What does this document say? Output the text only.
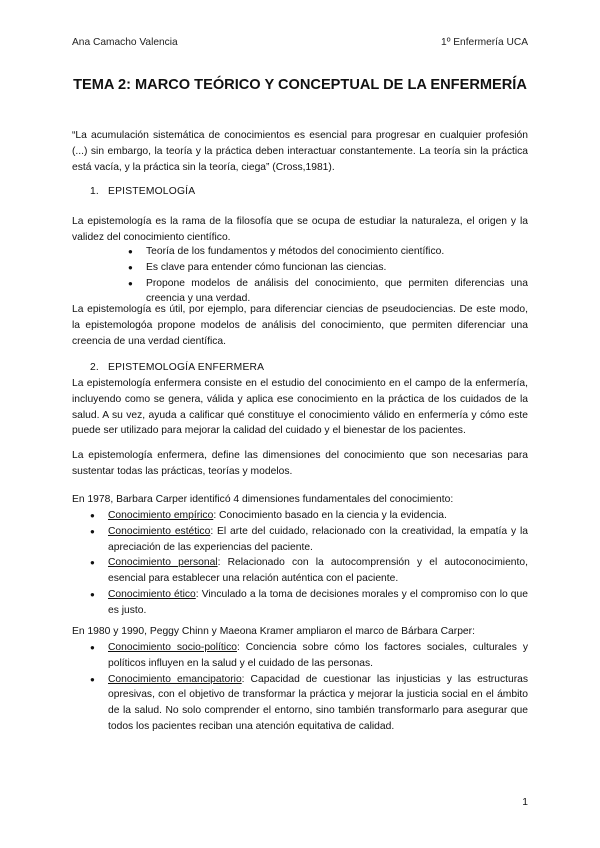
Ana Camacho Valencia	1º Enfermería UCA
TEMA 2: MARCO TEÓRICO Y CONCEPTUAL DE LA ENFERMERÍA

“La acumulación sistemática de conocimientos es esencial para progresar en cualquier profesión (...) sin embargo, la teoría y la práctica deben interactuar constantemente. La teoría sin la práctica está vacía, y la práctica sin la teoría, ciega” (Cross,1981).

1. EPISTEMOLOGÍA

La epistemología es la rama de la filosofía que se ocupa de estudiar la naturaleza, el origen y la validez del conocimiento científico.

● Teoría de los fundamentos y métodos del conocimiento científico.
● Es clave para entender cómo funcionan las ciencias.
● Propone modelos de análisis del conocimiento, que permiten diferencias una creencia y una verdad.

La epistemología es útil, por ejemplo, para diferenciar ciencias de pseudociencias. De este modo, la epistemologóa propone modelos de análisis del conocimiento, que permiten diferenciar una creencia de una verdad científica.

2. EPISTEMOLOGÍA ENFERMERA

La epistemología enfermera consiste en el estudio del conocimiento en el campo de la enfermería, incluyendo como se genera, válida y aplica ese conocimiento en la práctica de los cuidados de la salud. A su vez, ayuda a calificar qué constituye el conocimiento válido en enfermería y cómo este puede ser utilizado para mejorar la calidad del cuidado y el bienestar de los pacientes.

La epistemología enfermera, define las dimensiones del conocimiento que son necesarias para sustentar todas las prácticas, teorías y modelos.

En 1978, Barbara Carper identificó 4 dimensiones fundamentales del conocimiento:

● Conocimiento empírico: Conocimiento basado en la ciencia y la evidencia.
● Conocimiento estético: El arte del cuidado, relacionado con la creatividad, la empatía y la apreciación de las experiencias del paciente.
● Conocimiento personal: Relacionado con la autocomprensión y el autoconocimiento, esencial para establecer una relación auténtica con el paciente.
● Conocimiento ético: Vinculado a la toma de decisiones morales y el compromiso con lo que es justo.

En 1980 y 1990, Peggy Chinn y Maeona Kramer ampliaron el marco de Bárbara Carper:

● Conocimiento socio-político: Conciencia sobre cómo los factores sociales, culturales y políticos influyen en la salud y el cuidado de las personas.
● Conocimiento emancipatorio: Capacidad de cuestionar las injusticias y las estructuras opresivas, con el objetivo de transformar la práctica y mejorar la justicia social en el ámbito de la salud. No solo comprender el entorno, sino también transformarlo para asegurar que todos los pacientes reciban una atención equitativa de calidad.
1
